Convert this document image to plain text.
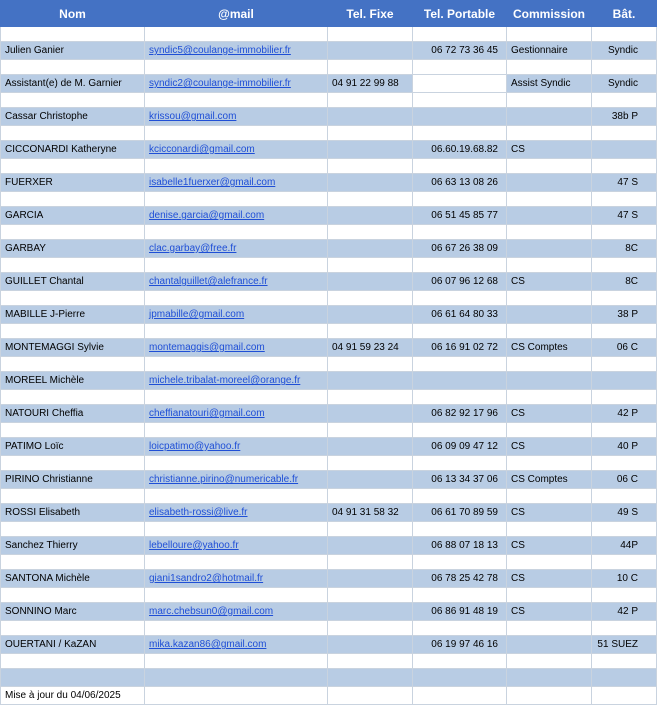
Nom	@mail	Tel. Fixe	Tel. Portable	Commission	Bât.

Julien Ganier	syndic5@coulange-immobilier.fr		06 72 73 36 45	Gestionnaire	Syndic

Assistant(e) de M. Garnier	syndic2@coulange-immobilier.fr	04 91 22 99 88		Assist Syndic	Syndic

Cassar Christophe	krissou@gmail.com				38b P

CICCONARDI Katheryne	kcicconardi@gmail.com		06.60.19.68.82	CS	

FUERXER	isabelle1fuerxer@gmail.com		06 63 13 08 26		47 S

GARCIA	denise.garcia@gmail.com		06 51 45 85 77		47 S

GARBAY	clac.garbay@free.fr		06 67 26 38 09		8C

GUILLET Chantal	chantalguillet@alefrance.fr		06 07 96 12 68	CS	8C

MABILLE J-Pierre	jpmabille@gmail.com		06 61 64 80 33		38 P

MONTEMAGGI Sylvie	montemaggis@gmail.com	04 91 59 23 24	06 16 91 02 72	CS Comptes	06 C

MOREEL Michèle	michele.tribalat-moreel@orange.fr				

NATOURI Cheffia	cheffianatouri@gmail.com		06 82 92 17 96	CS	42 P

PATIMO Loïc	loicpatimo@yahoo.fr		06 09 09 47 12	CS	40 P

PIRINO Christianne	christianne.pirino@numericable.fr		06 13 34 37 06	CS Comptes	06 C

ROSSI Elisabeth	elisabeth-rossi@live.fr	04 91 31 58 32	06 61 70 89 59	CS	49 S

Sanchez Thierry	lebelloure@yahoo.fr		06 88 07 18 13	CS	44P

SANTONA Michèle	giani1sandro2@hotmail.fr		06 78 25 42 78	CS	10 C

SONNINO Marc	marc.chebsun0@gmail.com		06 86 91 48 19	CS	42 P

OUERTANI / KaZAN	mika.kazan86@gmail.com		06 19 97 46 16		51 SUEZ

Mise à jour du 04/06/2025					
